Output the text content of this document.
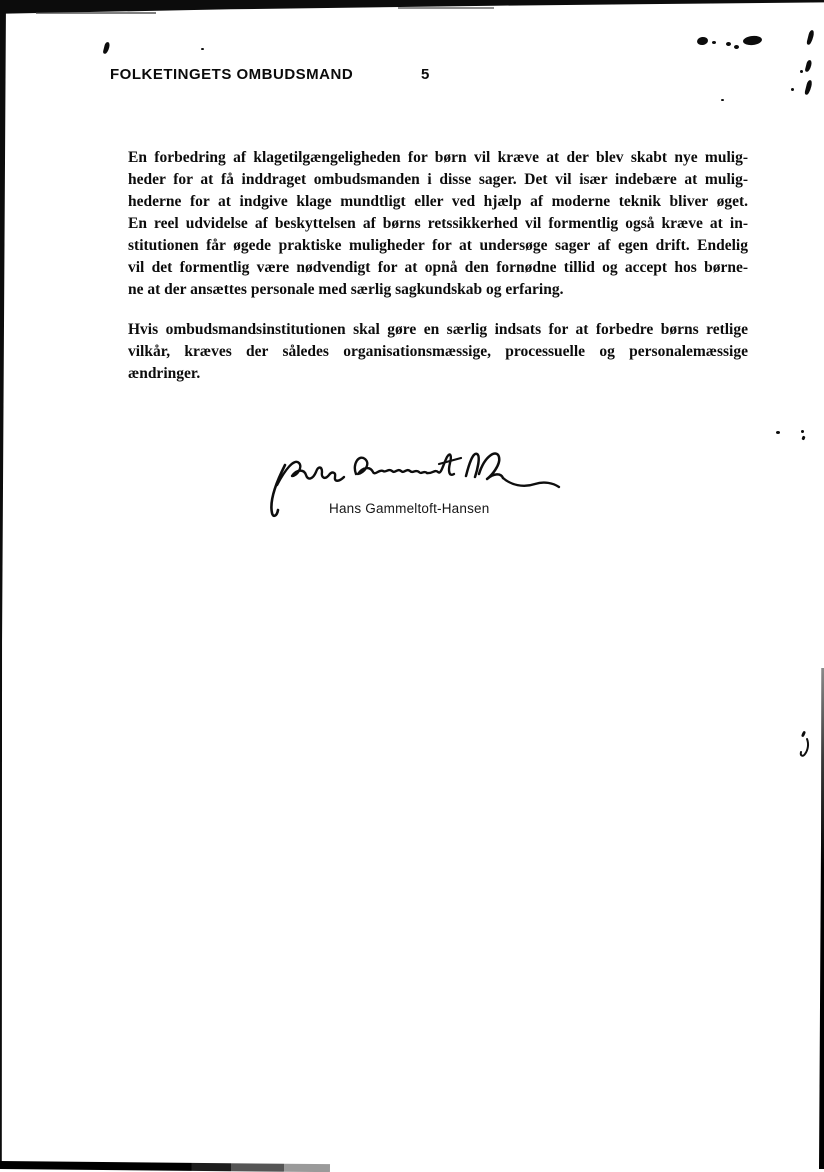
FOLKETINGETS OMBUDSMAND	5
En forbedring af klagetilgængeligheden for børn vil kræve at der blev skabt nye mulig-
heder for at få inddraget ombudsmanden i disse sager. Det vil især indebære at mulig-
hederne for at indgive klage mundtligt eller ved hjælp af moderne teknik bliver øget.
En reel udvidelse af beskyttelsen af børns retssikkerhed vil formentlig også kræve at in-
stitutionen får øgede praktiske muligheder for at undersøge sager af egen drift. Endelig
vil det formentlig være nødvendigt for at opnå den fornødne tillid og accept hos børne-
ne at der ansættes personale med særlig sagkundskab og erfaring.
Hvis ombudsmandsinstitutionen skal gøre en særlig indsats for at forbedre børns retlige
vilkår, kræves der således organisationsmæssige, processuelle og personalemæssige
ændringer.
Hans Gammeltoft-Hansen
